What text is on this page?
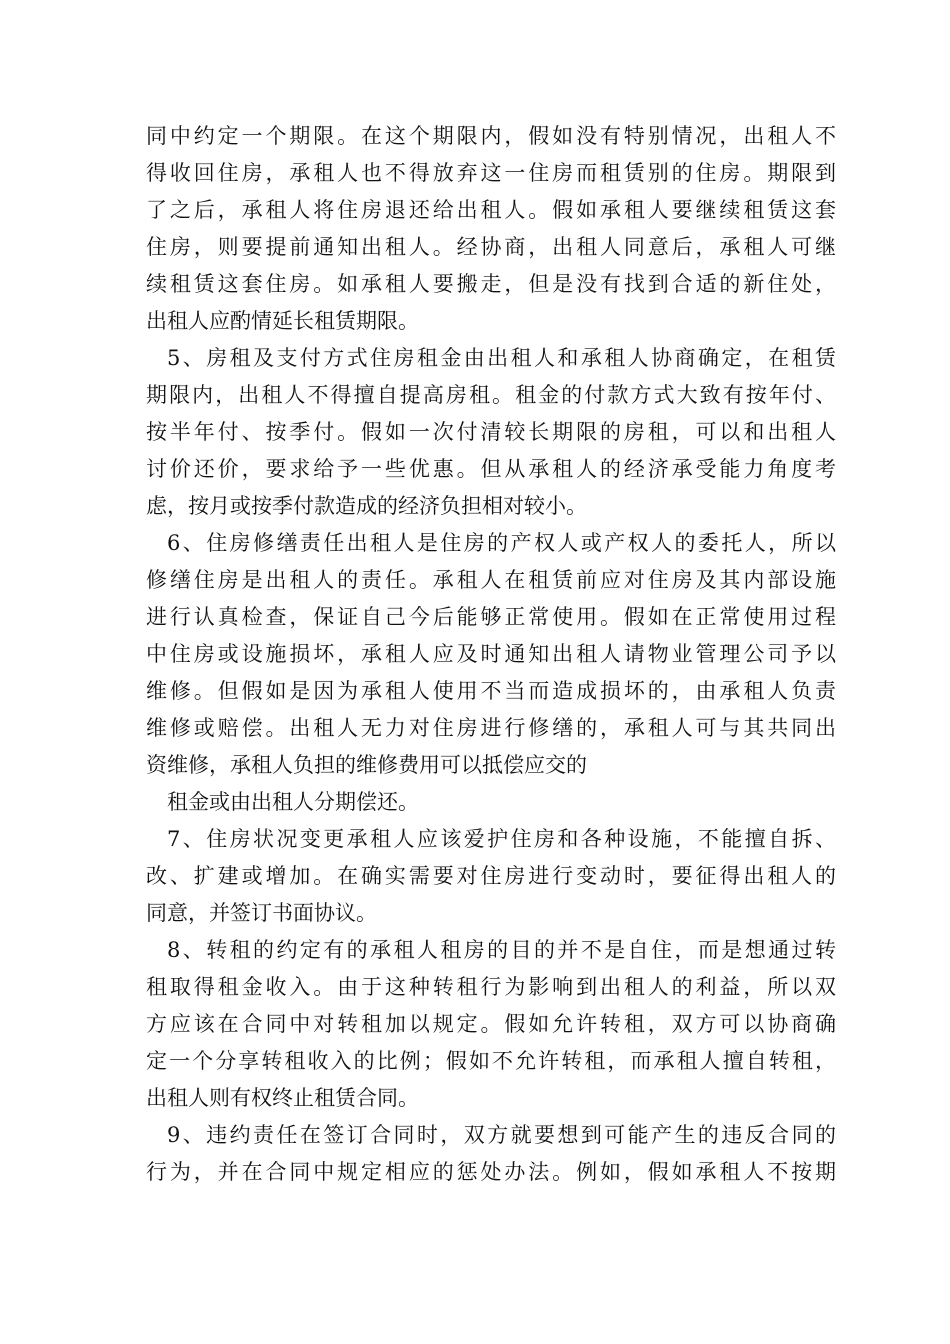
同中约定一个期限。在这个期限内，假如没有特别情况，出租人不
得收回住房，承租人也不得放弃这一住房而租赁别的住房。期限到
了之后，承租人将住房退还给出租人。假如承租人要继续租赁这套
住房，则要提前通知出租人。经协商，出租人同意后，承租人可继
续租赁这套住房。如承租人要搬走，但是没有找到合适的新住处，
出租人应酌情延长租赁期限。
5、房租及支付方式住房租金由出租人和承租人协商确定，在租赁
期限内，出租人不得擅自提高房租。租金的付款方式大致有按年付、
按半年付、按季付。假如一次付清较长期限的房租，可以和出租人
讨价还价，要求给予一些优惠。但从承租人的经济承受能力角度考
虑，按月或按季付款造成的经济负担相对较小。
6、住房修缮责任出租人是住房的产权人或产权人的委托人，所以
修缮住房是出租人的责任。承租人在租赁前应对住房及其内部设施
进行认真检查，保证自己今后能够正常使用。假如在正常使用过程
中住房或设施损坏，承租人应及时通知出租人请物业管理公司予以
维修。但假如是因为承租人使用不当而造成损坏的，由承租人负责
维修或赔偿。出租人无力对住房进行修缮的，承租人可与其共同出
资维修，承租人负担的维修费用可以抵偿应交的
租金或由出租人分期偿还。
7、住房状况变更承租人应该爱护住房和各种设施，不能擅自拆、
改、扩建或增加。在确实需要对住房进行变动时，要征得出租人的
同意，并签订书面协议。
8、转租的约定有的承租人租房的目的并不是自住，而是想通过转
租取得租金收入。由于这种转租行为影响到出租人的利益，所以双
方应该在合同中对转租加以规定。假如允许转租，双方可以协商确
定一个分享转租收入的比例；假如不允许转租，而承租人擅自转租，
出租人则有权终止租赁合同。
9、违约责任在签订合同时，双方就要想到可能产生的违反合同的
行为，并在合同中规定相应的惩处办法。例如，假如承租人不按期
